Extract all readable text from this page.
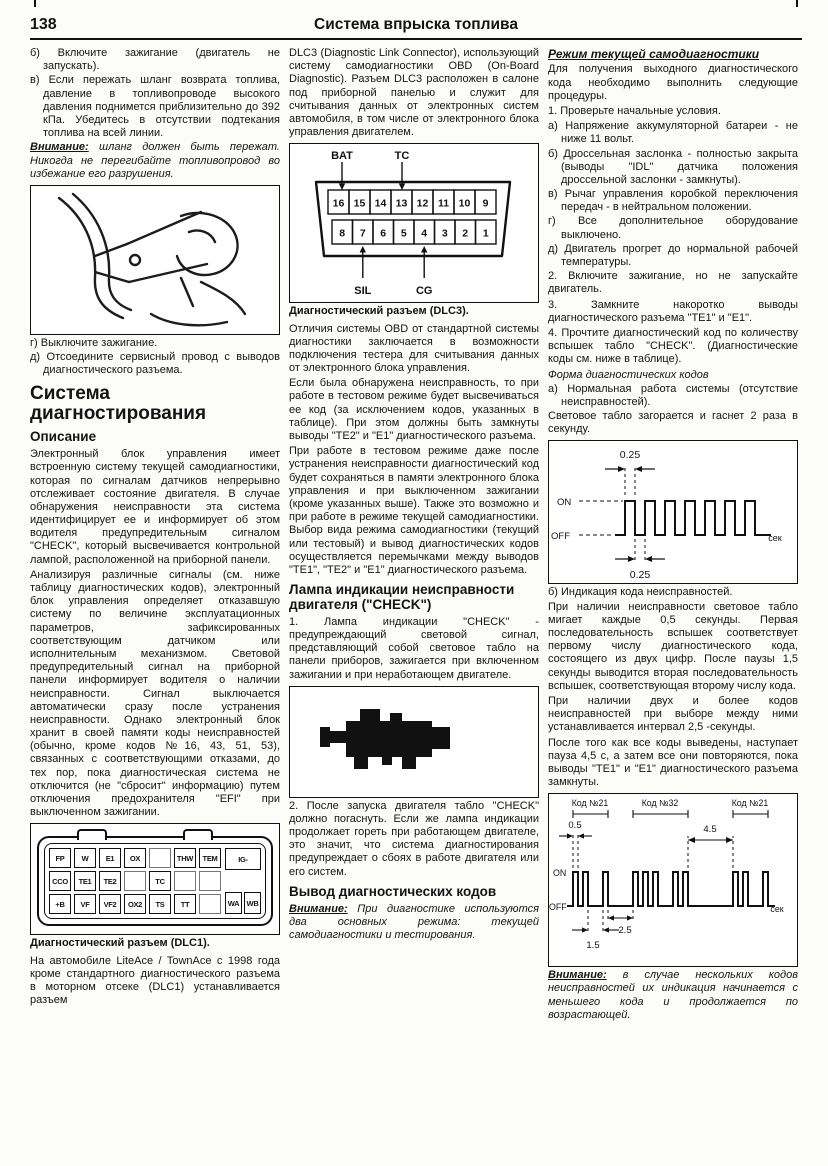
138	Система впрыска топлива

б) Включите зажигание (двигатель не запускать).

в) Если пережать шланг возврата топлива, давление в топливопроводе высокого давления поднимется приблизительно до 392 кПа. Убедитесь в отсутствии подтекания топлива на всей линии.

Внимание: шланг должен быть пережат. Никогда не перегибайте топливопровод во избежание его разрушения.

г) Выключите зажигание.

д) Отсоедините сервисный провод с выводов диагностического разъема.

Система диагностирования
Описание

Электронный блок управления имеет встроенную систему текущей самодиагностики, которая по сигналам датчиков непрерывно отслеживает состояние двигателя. В случае обнаружения неисправности эта система идентифицирует ее и информирует об этом водителя предупредительным сигналом "CHECK", который высвечивается контрольной лампой, расположенной на приборной панели.

Анализируя различные сигналы (см. ниже таблицу диагностических кодов), электронный блок управления определяет отказавшую систему по величине эксплуатационных параметров, зафиксированных соответствующим датчиком или исполнительным механизмом. Световой предупредительный сигнал на приборной панели информирует водителя о наличии неисправности. Сигнал выключается автоматически сразу после устранения неисправности. Однако электронный блок хранит в своей памяти коды неисправностей (обычно, кроме кодов №16, 43, 51, 53), связанных с соответствующими отказами, до тех пор, пока диагностическая система не отключится (не "сбросит" информацию) путем отключения предохранителя "EFI" при выключенном зажигании.

FP	W	E1	OX	THW	TEM
CCO	TE1	TE2	TC
+B	VF	VF2	OX2	TS	TT
IG-
WA WB
Диагностический разъем (DLC1).

На автомобиле LiteAce / TownAce с 1998 года кроме стандартного диагностического разъема в моторном отсеке (DLC1) устанавливается разъем

DLC3 (Diagnostic Link Connector), использующий систему самодиагностики OBD (On-Board Diagnostic). Разъем DLC3 расположен в салоне под приборной панелью и служит для считывания данных от электронных систем автомобиля, в том числе от электронного блока управления двигателем.

BAT	TC
16 15 14 13 12 11 10 9
8 7 6 5 4 3 2 1
SIL	CG
Диагностический разъем (DLC3).

Отличия системы OBD от стандартной системы диагностики заключается в возможности подключения тестера для считывания данных от электронного блока управления.

Если была обнаружена неисправность, то при работе в тестовом режиме будет высвечиваться ее код (за исключением кодов, указанных в таблице). При этом должны быть замкнуты выводы "ТЕ2" и "Е1" диагностического разъема.

При работе в тестовом режиме даже после устранения неисправности диагностический код будет сохраняться в памяти электронного блока управления и при выключенном зажигании (кроме указанных выше). Также это возможно и при работе в режиме текущей самодиагностики. Выбор вида режима самодиагностики (текущий или тестовый) и вывод диагностических кодов осуществляется перемычками между выводов "ТЕ1", "ТЕ2" и "Е1" диагностического разъема.

Лампа индикации неисправности двигателя ("CHECK")

1. Лампа индикации "CHECK" - предупреждающий световой сигнал, представляющий собой световое табло на панели приборов, зажигается при включенном зажигании и при неработающем двигателе.

2. После запуска двигателя табло "CHECK" должно погаснуть. Если же лампа индикации продолжает гореть при работающем двигателе, это значит, что система диагностирования предупреждает о сбоях в работе двигателя или его систем.

Вывод диагностических кодов

Внимание: При диагностике используются два основных режима: текущей самодиагностики и тестирования.

Режим текущей самодиагностики

Для получения выходного диагностического кода необходимо выполнить следующие процедуры.

1. Проверьте начальные условия.

а) Напряжение аккумуляторной батареи - не ниже 11 вольт.

б) Дроссельная заслонка - полностью закрыта (выводы "IDL" датчика положения дроссельной заслонки - замкнуты).

в) Рычаг управления коробкой переключения передач - в нейтральном положении.

г) Все дополнительное оборудование выключено.

д) Двигатель прогрет до нормальной рабочей температуры.

2. Включите зажигание, но не запускайте двигатель.

3. Замкните накоротко выводы диагностического разъема "ТЕ1" и "Е1".

4. Прочтите диагностический код по количеству вспышек табло "CHECK". (Диагностические коды см. ниже в таблице).

Форма диагностических кодов

а) Нормальная работа системы (отсутствие неисправностей).

Световое табло загорается и гаснет 2 раза в секунду.

0.25
ON
OFF
0.25
сек

б) Индикация кода неисправностей.

При наличии неисправности световое табло мигает каждые 0,5 секунды. Первая последовательность вспышек соответствует первому числу диагностического кода, состоящего из двух цифр. После паузы 1,5 секунды выводится вторая последовательность вспышек, соответствующая второму числу кода.

При наличии двух и более кодов неисправностей при выборе между ними устанавливается интервал 2,5 -секунды.

После того как все коды выведены, наступает пауза 4,5 с, а затем все они повторяются, пока выводы "ТЕ1" и "Е1" диагностического разъема замкнуты.

Код №21	Код №32	Код №21
0.5	4.5
ON
OFF
1.5
2.5
сек

Внимание: в случае нескольких кодов неисправностей их индикация начинается с меньшего кода и продолжается по возрастающей.
